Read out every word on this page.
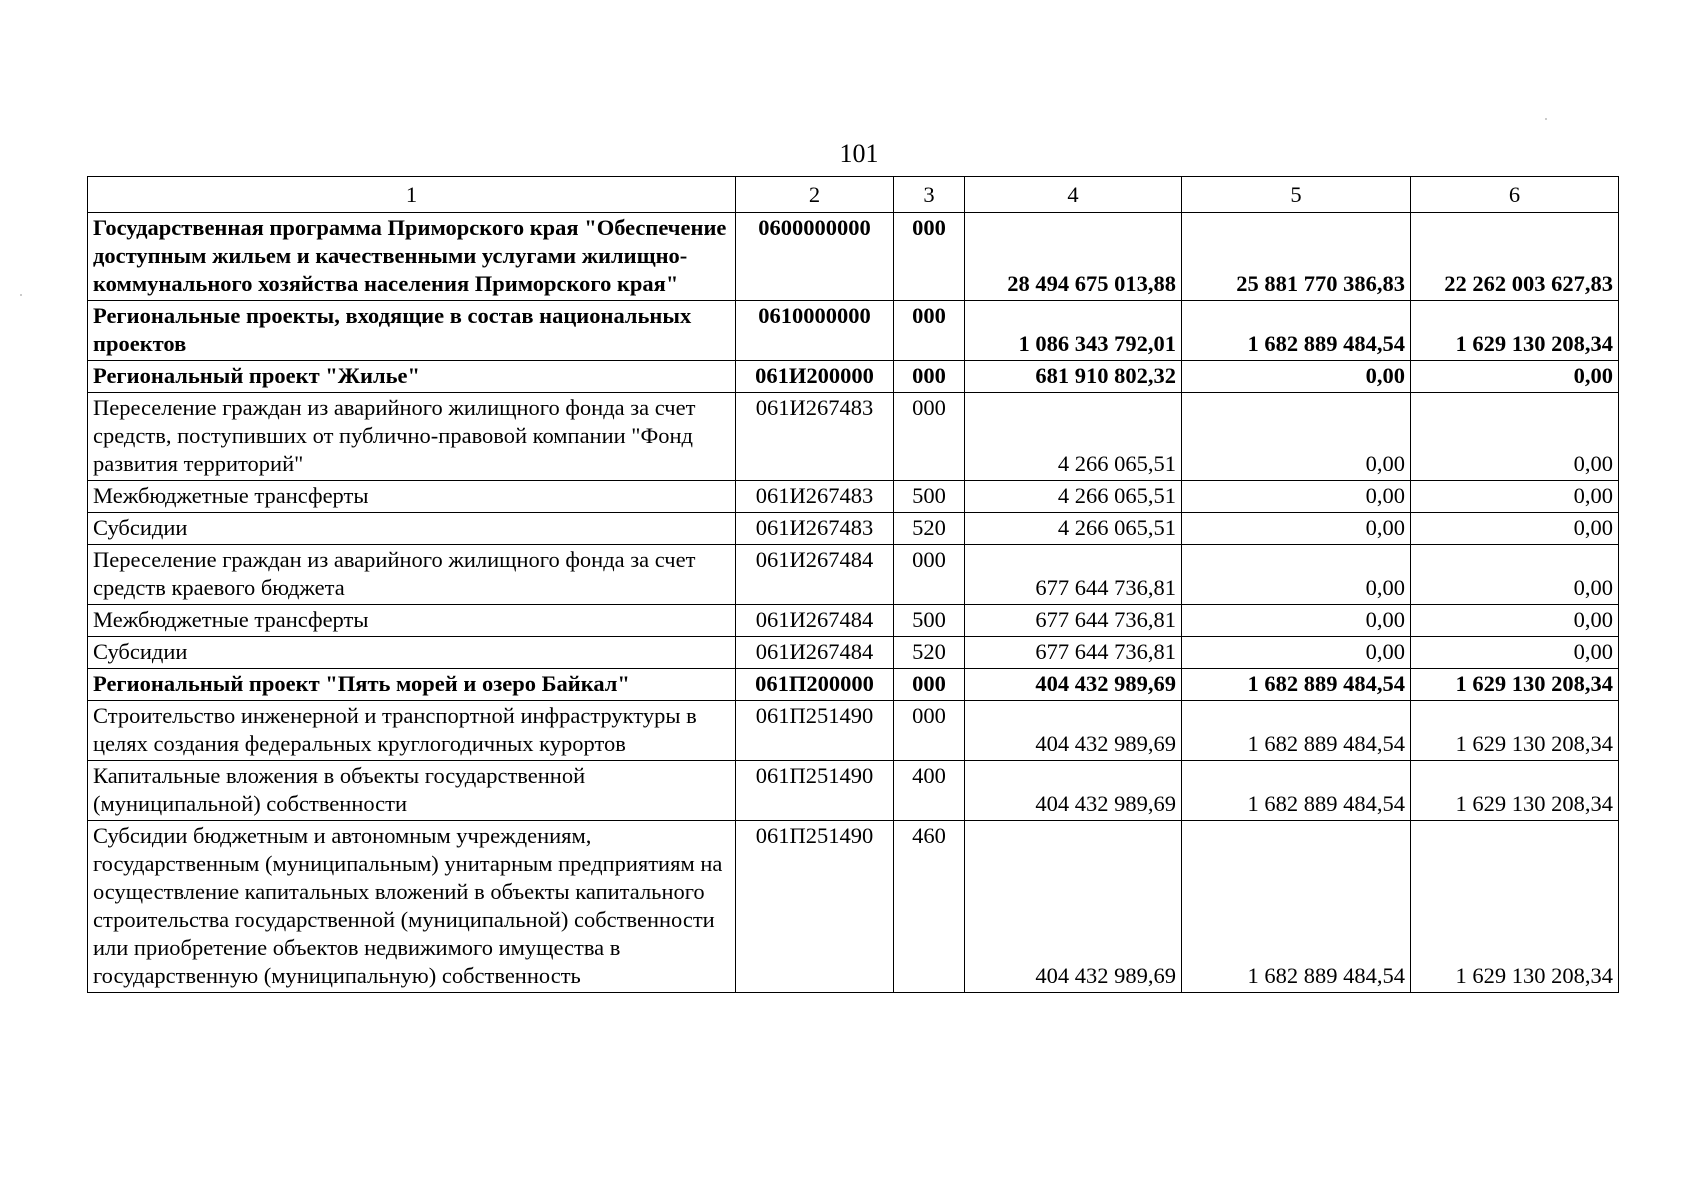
101
1	2	3	4	5	6
Государственная программа Приморского края "Обеспечение доступным жильем и качественными услугами жилищно-коммунального хозяйства населения Приморского края"	0600000000	000	28 494 675 013,88	25 881 770 386,83	22 262 003 627,83
Региональные проекты, входящие в состав национальных проектов	0610000000	000	1 086 343 792,01	1 682 889 484,54	1 629 130 208,34
Региональный проект "Жилье"	061И200000	000	681 910 802,32	0,00	0,00
Переселение граждан из аварийного жилищного фонда за счет средств, поступивших от публично-правовой компании "Фонд развития территорий"	061И267483	000	4 266 065,51	0,00	0,00
Межбюджетные трансферты	061И267483	500	4 266 065,51	0,00	0,00
Субсидии	061И267483	520	4 266 065,51	0,00	0,00
Переселение граждан из аварийного жилищного фонда за счет средств краевого бюджета	061И267484	000	677 644 736,81	0,00	0,00
Межбюджетные трансферты	061И267484	500	677 644 736,81	0,00	0,00
Субсидии	061И267484	520	677 644 736,81	0,00	0,00
Региональный проект "Пять морей и озеро Байкал"	061П200000	000	404 432 989,69	1 682 889 484,54	1 629 130 208,34
Строительство инженерной и транспортной инфраструктуры в целях создания федеральных круглогодичных курортов	061П251490	000	404 432 989,69	1 682 889 484,54	1 629 130 208,34
Капитальные вложения в объекты государственной (муниципальной) собственности	061П251490	400	404 432 989,69	1 682 889 484,54	1 629 130 208,34
Субсидии бюджетным и автономным учреждениям, государственным (муниципальным) унитарным предприятиям на осуществление капитальных вложений в объекты капитального строительства государственной (муниципальной) собственности или приобретение объектов недвижимого имущества в государственную (муниципальную) собственность	061П251490	460	404 432 989,69	1 682 889 484,54	1 629 130 208,34
